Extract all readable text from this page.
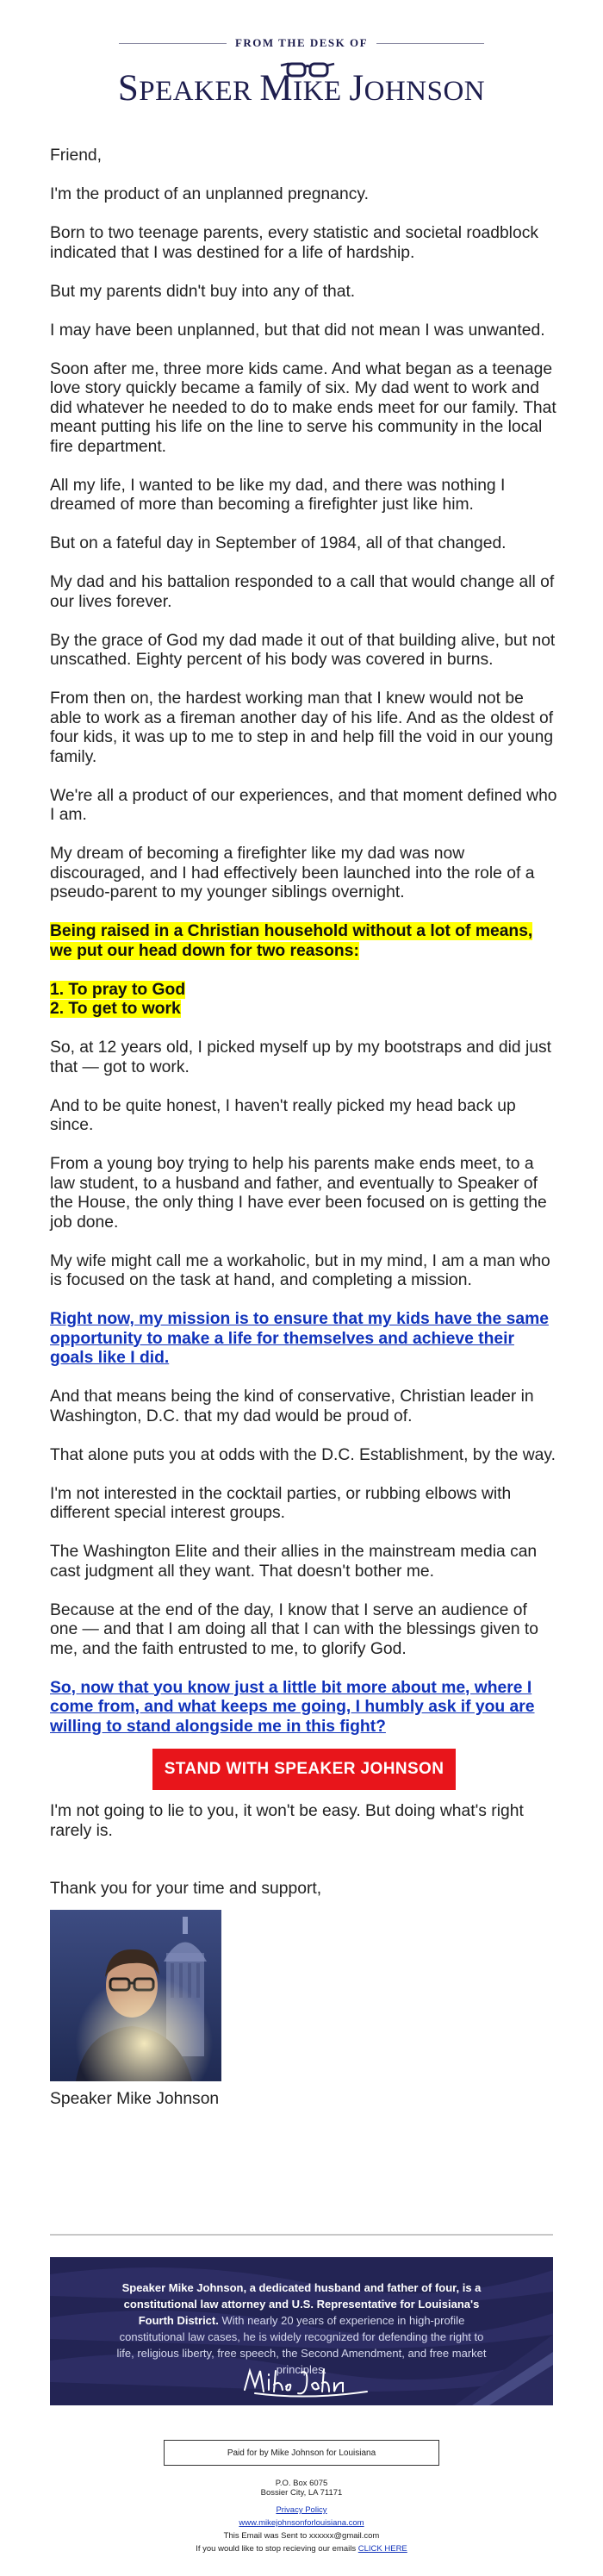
FROM THE DESK OF
SPEAKER MIKE JOHNSON

Friend,

I'm the product of an unplanned pregnancy.

Born to two teenage parents, every statistic and societal roadblock indicated that I was destined for a life of hardship.

But my parents didn't buy into any of that.

I may have been unplanned, but that did not mean I was unwanted.

Soon after me, three more kids came. And what began as a teenage love story quickly became a family of six. My dad went to work and did whatever he needed to do to make ends meet for our family. That meant putting his life on the line to serve his community in the local fire department.

All my life, I wanted to be like my dad, and there was nothing I dreamed of more than becoming a firefighter just like him.

But on a fateful day in September of 1984, all of that changed.

My dad and his battalion responded to a call that would change all of our lives forever.

By the grace of God my dad made it out of that building alive, but not unscathed. Eighty percent of his body was covered in burns.

From then on, the hardest working man that I knew would not be able to work as a fireman another day of his life. And as the oldest of four kids, it was up to me to step in and help fill the void in our young family.

We're all a product of our experiences, and that moment defined who I am.

My dream of becoming a firefighter like my dad was now discouraged, and I had effectively been launched into the role of a pseudo-parent to my younger siblings overnight.

Being raised in a Christian household without a lot of means, we put our head down for two reasons:

1. To pray to God
2. To get to work

So, at 12 years old, I picked myself up by my bootstraps and did just that — got to work.

And to be quite honest, I haven't really picked my head back up since.

From a young boy trying to help his parents make ends meet, to a law student, to a husband and father, and eventually to Speaker of the House, the only thing I have ever been focused on is getting the job done.

My wife might call me a workaholic, but in my mind, I am a man who is focused on the task at hand, and completing a mission.

Right now, my mission is to ensure that my kids have the same opportunity to make a life for themselves and achieve their goals like I did.

And that means being the kind of conservative, Christian leader in Washington, D.C. that my dad would be proud of.

That alone puts you at odds with the D.C. Establishment, by the way.

I'm not interested in the cocktail parties, or rubbing elbows with different special interest groups.

The Washington Elite and their allies in the mainstream media can cast judgment all they want. That doesn't bother me.

Because at the end of the day, I know that I serve an audience of one — and that I am doing all that I can with the blessings given to me, and the faith entrusted to me, to glorify God.

So, now that you know just a little bit more about me, where I come from, and what keeps me going, I humbly ask if you are willing to stand alongside me in this fight?

STAND WITH SPEAKER JOHNSON

I'm not going to lie to you, it won't be easy. But doing what's right rarely is.

Thank you for your time and support,

Speaker Mike Johnson
Speaker Mike Johnson, a dedicated husband and father of four, is a constitutional law attorney and U.S. Representative for Louisiana's Fourth District. With nearly 20 years of experience in high-profile constitutional law cases, he is widely recognized for defending the right to life, religious liberty, free speech, the Second Amendment, and free market principles.
Paid for by Mike Johnson for Louisiana
P.O. Box 6075
Bossier City, LA 71171
Privacy Policy
www.mikejohnsonforlouisiana.com
This Email was Sent to xxxxxx@gmail.com
If you would like to stop recieving our emails CLICK HERE
